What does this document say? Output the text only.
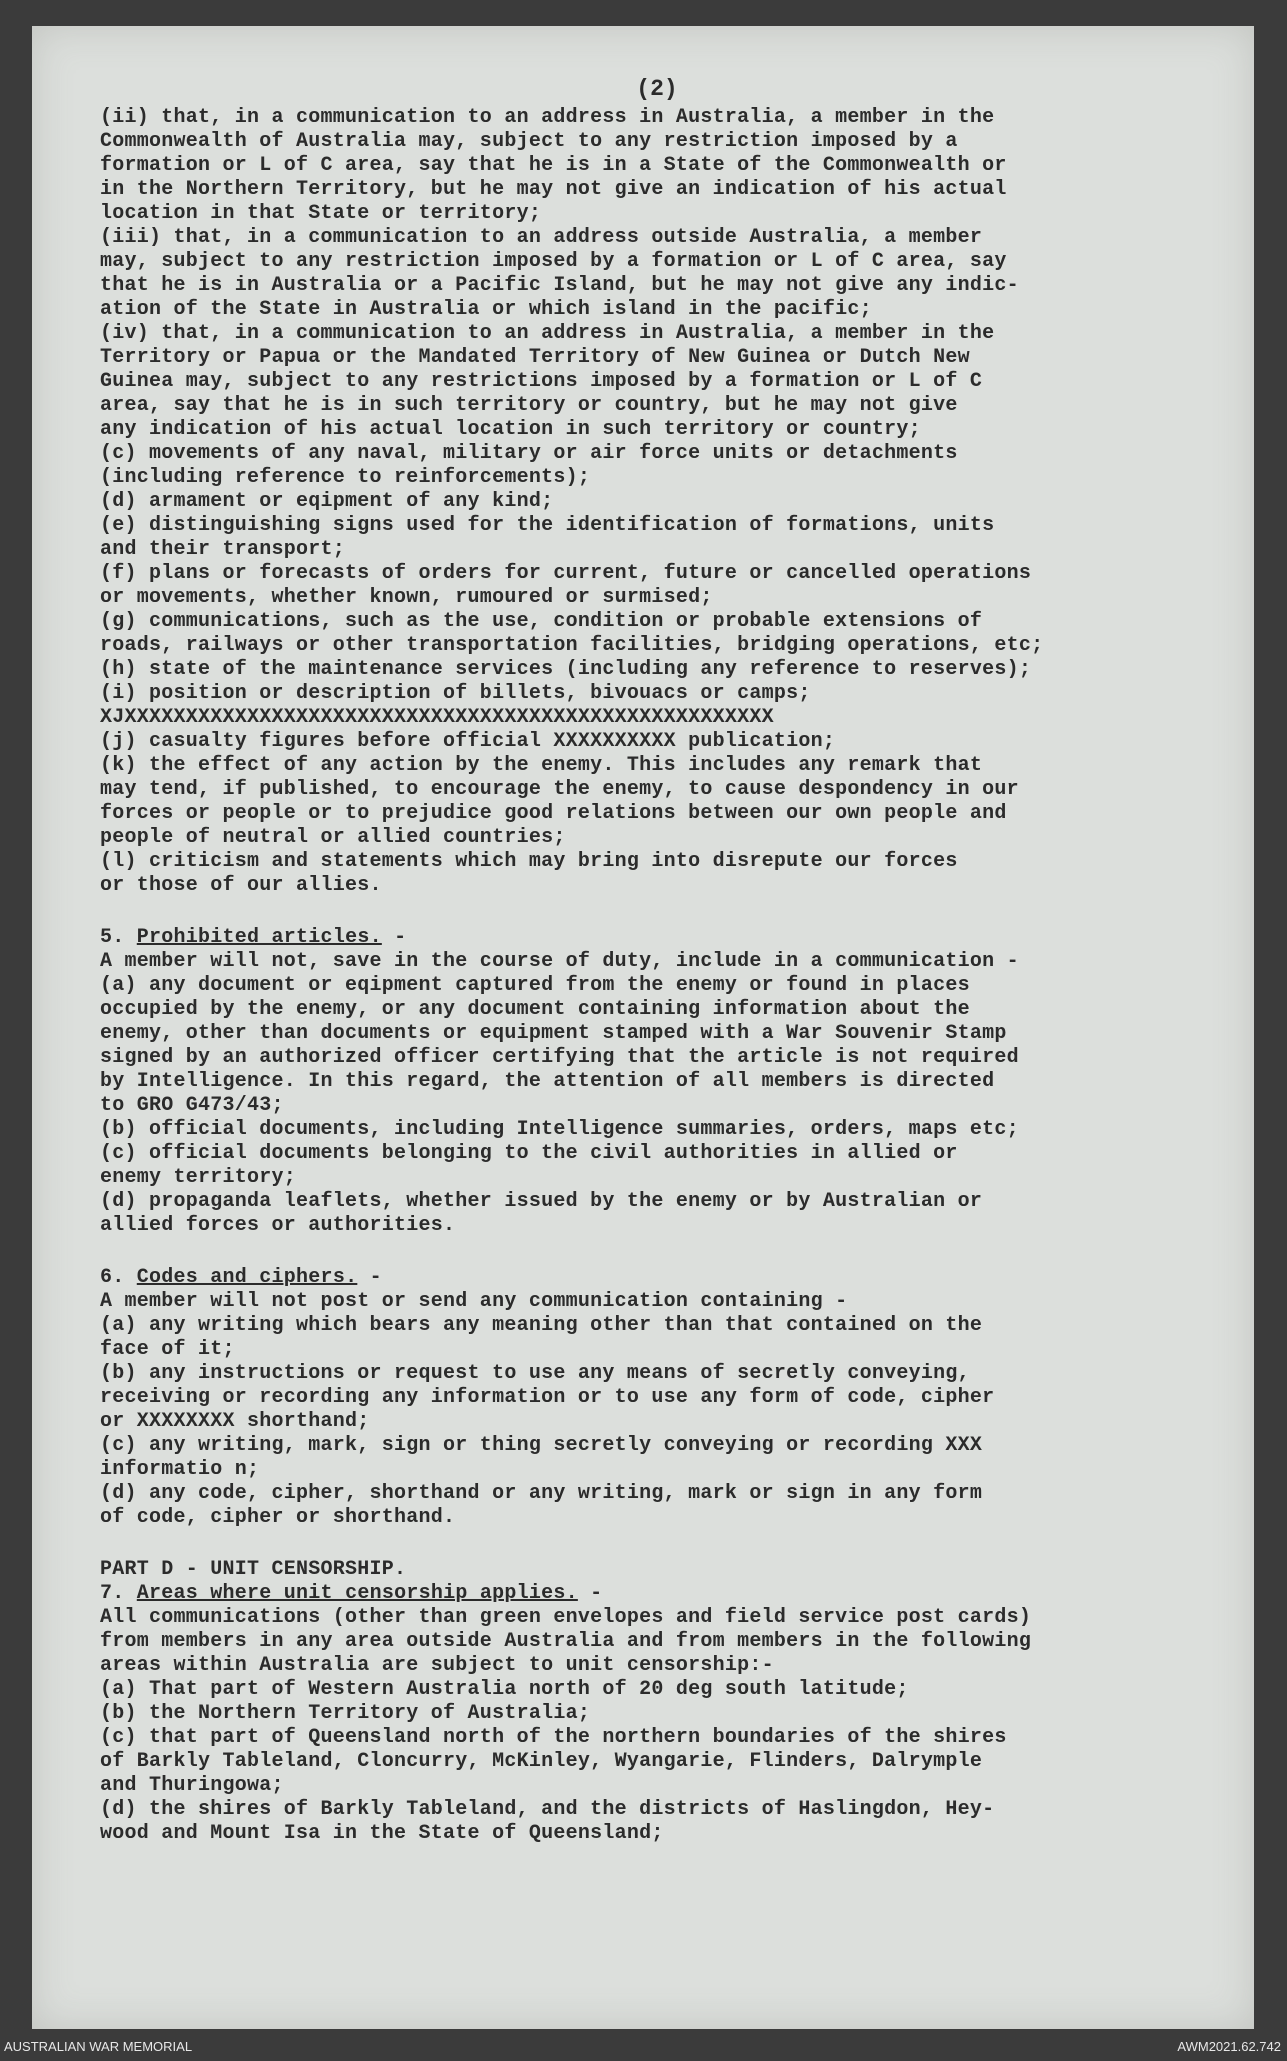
(2)
(ii) that, in a communication to an address in Australia, a member in the
Commonwealth of Australia may, subject to any restriction imposed by a
formation or L of C area, say that he is in a State of the Commonwealth or
in the Northern Territory, but he may not give an indication of his actual
location in that State or territory;
(iii) that, in a communication to an address outside Australia, a member
may, subject to any restriction imposed by a formation or L of C area, say
that he is in Australia or a Pacific Island, but he may not give any indic-
ation of the State in Australia or which island in the pacific;
(iv) that, in a communication to an address in Australia, a member in the
Territory or Papua or the Mandated Territory of New Guinea or Dutch New
Guinea may, subject to any restrictions imposed by a formation or L of C
area, say that he is in such territory or country, but he may not give
any indication of his actual location in such territory or country;
(c) movements of any naval, military or air force units or detachments
(including reference to reinforcements);
(d) armament or eqipment of any kind;
(e) distinguishing signs used for the identification of formations, units
and their transport;
(f) plans or forecasts of orders for current, future or cancelled operations
or movements, whether known, rumoured or surmised;
(g) communications, such as the use, condition or probable extensions of
roads, railways or other transportation facilities, bridging operations, etc;
(h) state of the maintenance services (including any reference to reserves);
(i) position or description of billets, bivouacs or camps;
XJXXXXXXXXXXXXXXXXXXXXXXXXXXXXXXXXXXXXXXXXXXXXXXXXXXXXX
(j) casualty figures before official XXXXXXXXXX publication;
(k) the effect of any action by the enemy. This includes any remark that
may tend, if published, to encourage the enemy, to cause despondency in our
forces or people or to prejudice good relations between our own people and
people of neutral or allied countries;
(l) criticism and statements which may bring into disrepute our forces
or those of our allies.
5. Prohibited articles. -
A member will not, save in the course of duty, include in a communication -
(a) any document or eqipment captured from the enemy or found in places
occupied by the enemy, or any document containing information about the
enemy, other than documents or equipment stamped with a War Souvenir Stamp
signed by an authorized officer certifying that the article is not required
by Intelligence. In this regard, the attention of all members is directed
to GRO G473/43;
(b) official documents, including Intelligence summaries, orders, maps etc;
(c) official documents belonging to the civil authorities in allied or
enemy territory;
(d) propaganda leaflets, whether issued by the enemy or by Australian or
allied forces or authorities.
6. Codes and ciphers. -
A member will not post or send any communication containing -
(a) any writing which bears any meaning other than that contained on the
face of it;
(b) any instructions or request to use any means of secretly conveying,
receiving or recording any information or to use any form of code, cipher
or XXXXXXXX shorthand;
(c) any writing, mark, sign or thing secretly conveying or recording XXX
informatio n;
(d) any code, cipher, shorthand or any writing, mark or sign in any form
of code, cipher or shorthand.
PART D - UNIT CENSORSHIP.
7. Areas where unit censorship applies. -
All communications (other than green envelopes and field service post cards)
from members in any area outside Australia and from members in the following
areas within Australia are subject to unit censorship:-
(a) That part of Western Australia north of 20 deg south latitude;
(b) the Northern Territory of Australia;
(c) that part of Queensland north of the northern boundaries of the shires
of Barkly Tableland, Cloncurry, McKinley, Wyangarie, Flinders, Dalrymple
and Thuringowa;
(d) the shires of Barkly Tableland, and the districts of Haslingdon, Hey-
wood and Mount Isa in the State of Queensland;
AUSTRALIAN WAR MEMORIAL	AWM2021.62.742
